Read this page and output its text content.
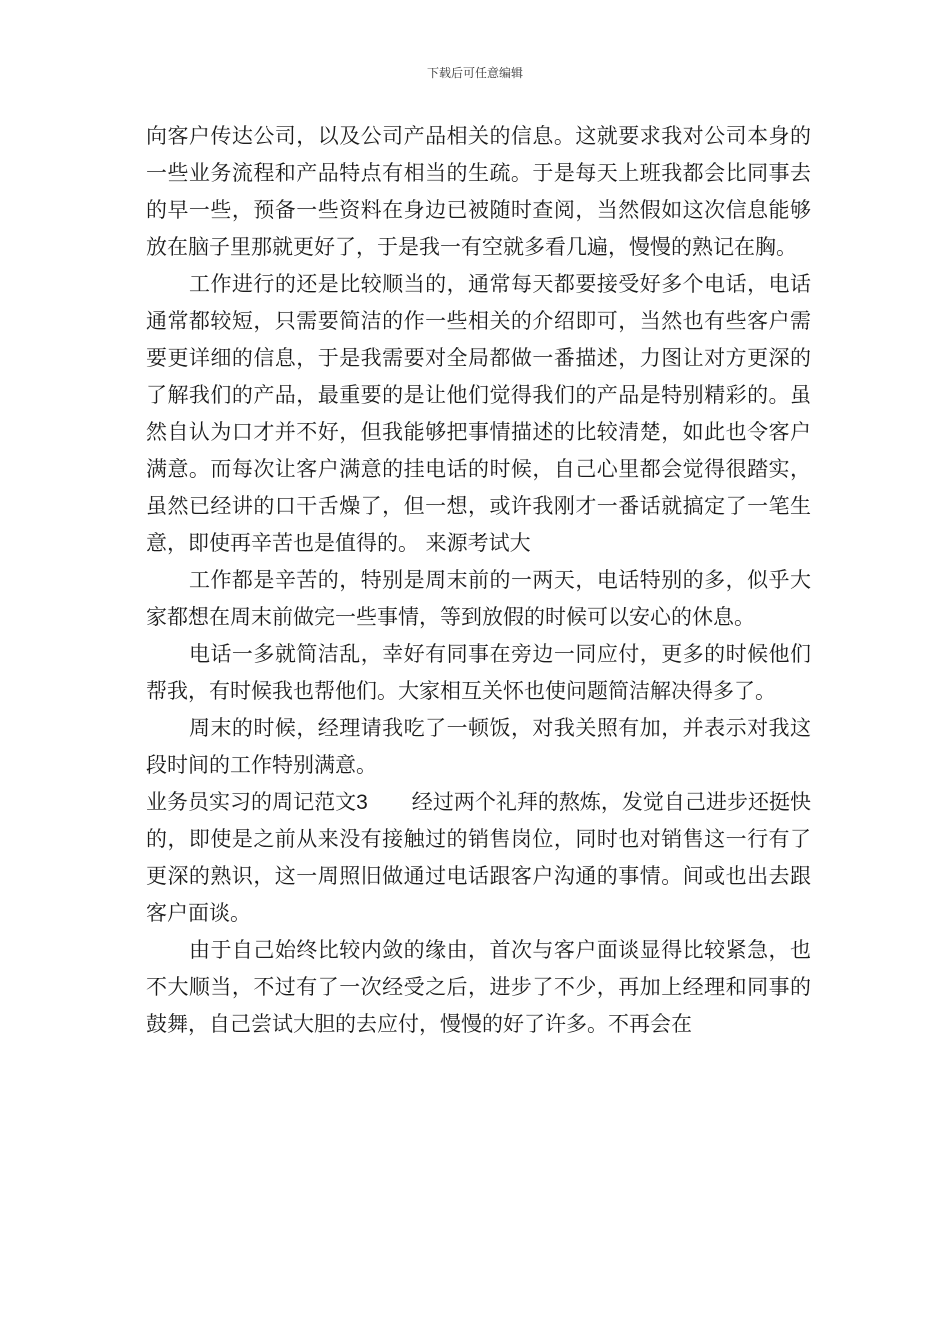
下载后可任意编辑

向客户传达公司，以及公司产品相关的信息。这就要求我对公司本身的一些业务流程和产品特点有相当的生疏。于是每天上班我都会比同事去的早一些，预备一些资料在身边已被随时查阅，当然假如这次信息能够放在脑子里那就更好了，于是我一有空就多看几遍，慢慢的熟记在胸。

工作进行的还是比较顺当的，通常每天都要接受好多个电话，电话通常都较短，只需要简洁的作一些相关的介绍即可，当然也有些客户需要更详细的信息，于是我需要对全局都做一番描述，力图让对方更深的了解我们的产品，最重要的是让他们觉得我们的产品是特别精彩的。虽然自认为口才并不好，但我能够把事情描述的比较清楚，如此也令客户满意。而每次让客户满意的挂电话的时候，自己心里都会觉得很踏实，虽然已经讲的口干舌燥了，但一想，或许我刚才一番话就搞定了一笔生意，即使再辛苦也是值得的。 来源考试大

工作都是辛苦的，特别是周末前的一两天，电话特别的多，似乎大家都想在周末前做完一些事情，等到放假的时候可以安心的休息。

电话一多就简洁乱，幸好有同事在旁边一同应付，更多的时候他们帮我，有时候我也帮他们。大家相互关怀也使问题简洁解决得多了。

周末的时候，经理请我吃了一顿饭，对我关照有加，并表示对我这段时间的工作特别满意。

业务员实习的周记范文3 经过两个礼拜的熬炼，发觉自己进步还挺快的，即使是之前从来没有接触过的销售岗位，同时也对销售这一行有了更深的熟识，这一周照旧做通过电话跟客户沟通的事情。间或也出去跟客户面谈。

由于自己始终比较内敛的缘由，首次与客户面谈显得比较紧急，也不大顺当，不过有了一次经受之后，进步了不少，再加上经理和同事的鼓舞，自己尝试大胆的去应付，慢慢的好了许多。不再会在
